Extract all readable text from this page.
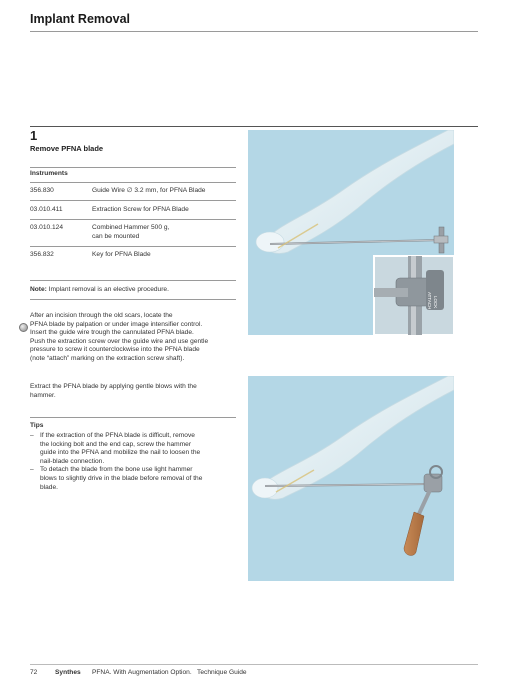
Implant Removal
1
Remove PFNA blade
Instruments
356.830	Guide Wire ∅ 3.2 mm, for PFNA Blade
03.010.411	Extraction Screw for PFNA Blade
03.010.124	Combined Hammer 500 g,
can be mounted
356.832	Key for PFNA Blade
Note: Implant removal is an elective procedure.
After an incision through the old scars, locate the
PFNA blade by palpation or under image intensifier control.
Insert the guide wire trough the cannulated PFNA blade.
Push the extraction screw over the guide wire and use gentle
pressure to screw it counterclockwise into the PFNA blade
(note “attach” marking on the extraction screw shaft).
Extract the PFNA blade by applying gentle blows with the
hammer.
Tips
– If the extraction of the PFNA blade is difficult, remove
the locking bolt and the end cap, screw the hammer
guide into the PFNA and mobilize the nail to loosen the
nail-blade connection.
– To detach the blade from the bone use light hammer
blows to slightly drive in the blade before removal of the
blade.
ATTACH LOCK
72	Synthes PFNA. With Augmentation Option.   Technique Guide
